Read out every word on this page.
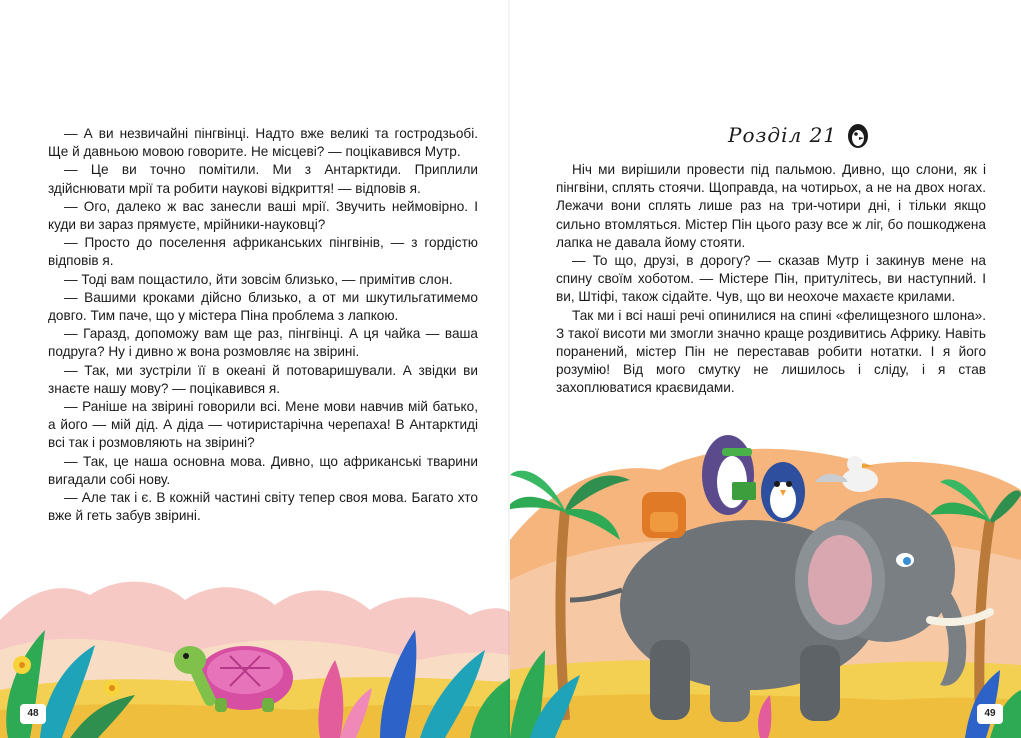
— А ви незвичайні пінгвінці. Надто вже великі та гостродзьобі. Ще й давньою мовою говорите. Не місцеві? — поцікавився Мутр.

— Це ви точно помітили. Ми з Антарктиди. Приплили здійснювати мрії та робити наукові відкриття! — відповів я.

— Ого, далеко ж вас занесли ваші мрії. Звучить неймовірно. І куди ви зараз прямуєте, мрійники-науковці?

— Просто до поселення африканських пінгвінів, — з гордістю відповів я.

— Тоді вам пощастило, йти зовсім близько, — примітив слон.

— Вашими кроками дійсно близько, а от ми шкутильгатимемо довго. Тим паче, що у містера Піна проблема з лапкою.

— Гаразд, допоможу вам ще раз, пінгвінці. А ця чайка — ваша подруга? Ну і дивно ж вона розмовляє на звірині.

— Так, ми зустріли її в океані й потоваришували. А звідки ви знаєте нашу мову? — поцікавився я.

— Раніше на звірині говорили всі. Мене мови навчив мій батько, а його — мій дід. А діда — чотиристарічна черепаха! В Антарктиді всі так і розмовляють на звірині?

— Так, це наша основна мова. Дивно, що африканські тварини вигадали собі нову.

— Але так і є. В кожній частині світу тепер своя мова. Багато хто вже й геть забув звірині.

48
Розділ 21

Ніч ми вирішили провести під пальмою. Дивно, що слони, як і пінгвіни, сплять стоячи. Щоправда, на чотирьох, а не на двох ногах. Лежачи вони сплять лише раз на три-чотири дні, і тільки якщо сильно втомляться. Містер Пін цього разу все ж ліг, бо пошкоджена лапка не давала йому стояти.

— То що, друзі, в дорогу? — сказав Мутр і закинув мене на спину своїм хоботом. — Містере Пін, притулітесь, ви наступний. І ви, Штіфі, також сідайте. Чув, що ви неохоче махаєте крилами.

Так ми і всі наші речі опинилися на спині «фелищезного шлона». З такої висоти ми змогли значно краще роздивитись Африку. Навіть поранений, містер Пін не переставав робити нотатки. І я його розумію! Від мого смутку не лишилось і сліду, і я став захоплюватися краєвидами.

49
